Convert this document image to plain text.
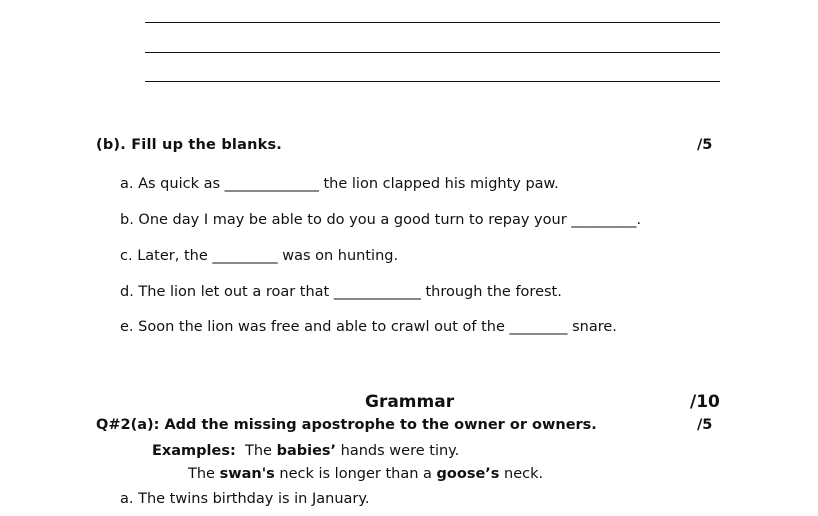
(b). Fill up the blanks.	/5
a. As quick as _____________ the lion clapped his mighty paw.
b. One day I may be able to do you a good turn to repay your _________.
c. Later, the _________ was on hunting.
d. The lion let out a roar that ____________ through the forest.
e. Soon the lion was free and able to crawl out of the ________ snare.
Grammar	/10
Q#2(a): Add the missing apostrophe to the owner or owners.	/5
Examples: The babies’ hands were tiny.
The swan's neck is longer than a goose’s neck.
a. The twins birthday is in January.
